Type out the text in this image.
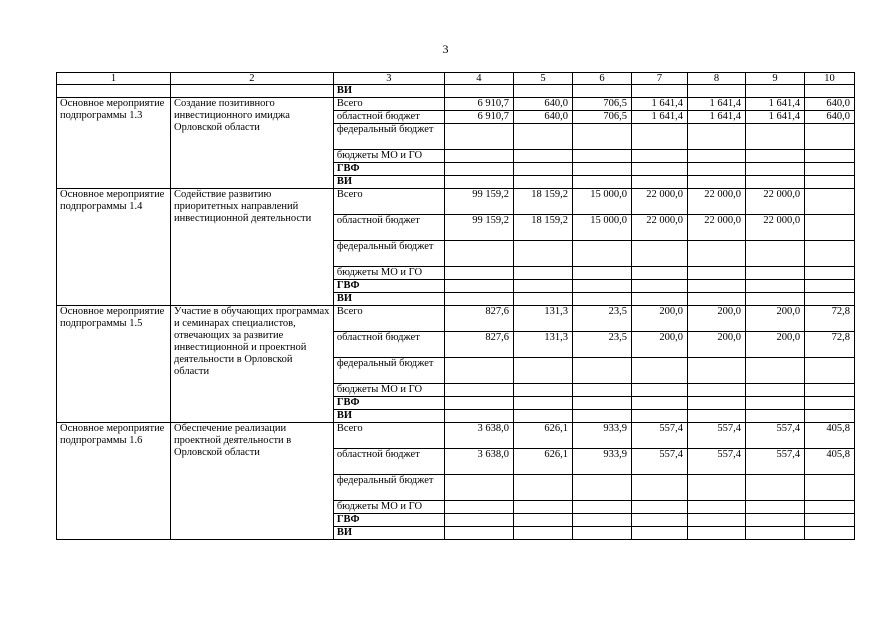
3
1	2	3	4	5	6	7	8	9	10
		ВИ							
Основное мероприятие подпрограммы 1.3	Создание позитивного инвестиционного имиджа Орловской области	Всего	6 910,7	640,0	706,5	1 641,4	1 641,4	1 641,4	640,0
		областной бюджет	6 910,7	640,0	706,5	1 641,4	1 641,4	1 641,4	640,0
		федеральный бюджет							
		бюджеты МО и ГО							
		ГВФ							
		ВИ							
Основное мероприятие подпрограммы 1.4	Содействие развитию приоритетных направлений инвестиционной деятельности	Всего	99 159,2	18 159,2	15 000,0	22 000,0	22 000,0	22 000,0	
		областной бюджет	99 159,2	18 159,2	15 000,0	22 000,0	22 000,0	22 000,0	
		федеральный бюджет							
		бюджеты МО и ГО							
		ГВФ							
		ВИ							
Основное мероприятие подпрограммы 1.5	Участие в обучающих программах и семинарах специалистов, отвечающих за развитие инвестиционной и проектной деятельности в Орловской области	Всего	827,6	131,3	23,5	200,0	200,0	200,0	72,8
		областной бюджет	827,6	131,3	23,5	200,0	200,0	200,0	72,8
		федеральный бюджет							
		бюджеты МО и ГО							
		ГВФ							
		ВИ							
Основное мероприятие подпрограммы 1.6	Обеспечение реализации проектной деятельности в Орловской области	Всего	3 638,0	626,1	933,9	557,4	557,4	557,4	405,8
		областной бюджет	3 638,0	626,1	933,9	557,4	557,4	557,4	405,8
		федеральный бюджет							
		бюджеты МО и ГО							
		ГВФ							
		ВИ							
